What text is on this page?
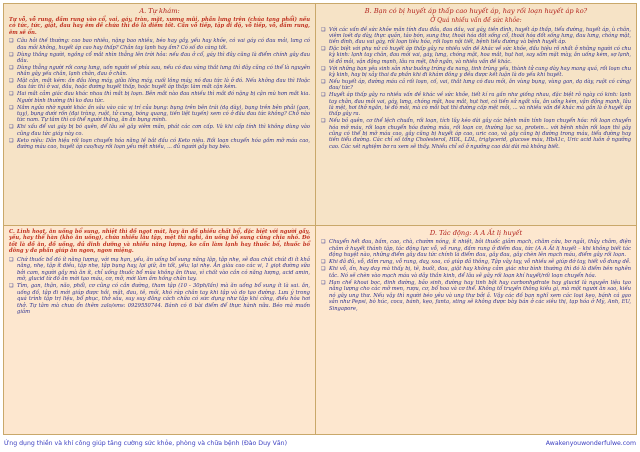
A. Tự khám:
Tự vỗ, vỗ rung, đấm rung vào cổ, vai, gáy, tràn, mặt, xương mũi, phần lưng trên (chúa tạng phổi) nếu có tức, tức, giật, đau hay êm đề chứa thì đó là điểm tốt. Cần vỗ tiếp, tập đi độ, vỗ tiếp, vỗ, đấm rung, êm sẽ ổn.
❑ Câu hỏi thế thường: cao bao nhiêu, nặng bao nhiêu, béo hay gầy, yếu hay khỏe, có vai gáy có đau mỏi, lưng có đau mỏi không, huyết áp cao hay thấp? Chân tay lạnh hay ấm? Có số đo càng tốt.
❑ Dùng thắng người, ngồng cổ mắt nhìn thẳng lên trời hỏa: nếu đau ở cổ, gáy thì đây cũng là điểm chính gây đau đầu.
❑ Dùng thẳng người rồi cong lưng, uốn người về phía sau, nếu có đau vàng thắt lưng thì đây cũng có thể là nguyên nhân gây yếu chân, lạnh chân, đau ở chân.
❑ Mặt cận, mắt kém: ấn đầu lòng máy, giữa lông máy, cuối lông máy, nó đau tức là ở đó. Nếu không đau thì Hoặc đau tức thì ở vai, đầu, hoặc đường huyết thấp, hoặc huyết áp thấp: làm mắt cận kém.
❑ Hai mắt cảm giác đau khác nhau thì mắt bị loạn. Bên mắt nào đau nhiều thì mắt đó nặng bị cận mù hơn mắt kia. Người bình thường thì ko đau tức.
❑ Nằm ngửa nhờ người khác ấn sâu vào các vị trí của bụng: bụng trên bên trái (dạ dày), bụng trên bên phải (gan, tụy), bụng dưới rốn (đại tràng, ruột, tử cung, bóng quang, tiền liệt tuyến) xem có ở đâu đau tức không? Chỗ nào tức nam. Tự tâm thì có thể người thắng, ăn ấn bụng mình.
❑ Khi xấu để vai gáy bị bó quên, để lâu sẽ gây viêm mãn, phát các cơn cấp. Và khi cấp tính thì không dùng vào cũng đau tức giáy này co.
❑ Keto niệu: Dân hiệu rối loạn chuyển hóa năng lề bắt đầu có Keto niệu. Rối loạn chuyển hóa gồm mỡ máu cao, đường máu cao, huyết áp cao/hay rối loạn yếu mệt nhiều, ... đủ người gầy hay béo.
B. Bạn có bị huyết áp thấp cao huyết áp, hay rối loạn huyết áp ko?
Ở Quá nhiều vấn đề sức khỏe:
❑ Với các vấn đề sức khỏe mãn tính đau đầu, đau dầu, vai gáy, tiền đình, huyết áp thấp, tiểu đường, huyết áp, ù chân, viêm loét dạ dày, thực quản, táo bón, sung thư, thoái hóa đốt sống cổ, thoái hóa đốt sống lưng, đau lưng, chóng mặt, tiền đình, đau vai gáy, rối loạn tiêu hóa, rối loạn nội tiết, bệnh tiểu đường và bệnh huyết áp.
❑ Đặc biệt với phụ nữ có huyết áp thấp gây ra nhiều vấn đề khác về sức khỏe, dấu hiệu rõ nhất ở những người có chu kỳ kinh: lạnh tay chân, đau mỏi vai, gáy, lưng, chóng mặt, hoa mắt, hụt hơi, say sẩm mặt mày, ăn uống kém, sợ lạnh, tê đỏ mỏi, vận động mạnh, lâu ra mệt, thở ngắn, và nhiều vấn đề khác.
❑ Với những bạn yêu sinh sản như buồng trứng đa nang, tinh trùng yếu, thành tử cung dày hay mang quá, rối loạn chu kỳ kinh, hay bị xảy thai đa phần khi đi khám đông y đều được kết luận là do yếu khí huyết.
❑ Nếu huyết áp, đường máu cả rối loạn, cố, vai, thắt lưng có đau mỏi, ăn vùng bụng, vùng gan, dạ dày, ruột có cứng/ đau/ tức?
❑ Huyết áp thấp gây ra nhiều vấn đề khác về sức khỏe, tiết kí ra gần như giống nhau, đặc biệt rõ ngày có kinh: lạnh tay chân, đau mỏi vai, gáy, lưng, chóng mặt, hoa mắt, hụt hơi, có tiền sử ngất xỉu, ăn uống kém, vận động mạnh, lâu là mệt, hơi thở ngắn, tê đỏ mỏi, mà có mỗi bạt thì đường cấp mệt mỏi, ... và nhiều vấn đề khác mà gần là ở huyết áp thấp gây ra.
❑ Nếu bỏ quên, cơ thể lệch chuẩn, rối loạn, tích lũy kéo dài gây các bệnh mãn tính loạn chuyển hóa: rối loạn chuyển hóa mỡ máu, rối loạn chuyển hóa đường máu, rối loạn cơ, thường lục xa, protein... với bệnh nhân rối loạn thì gây cũng có thể bị mỡ máu cao, gây cũng bị huyết áp cao, uric cao, và gây cũng bị đường trong máu, tiểu đường hay tiền tiểu đường. Các chỉ số tổng Cholesterol, HDL, LDL, triglycerid, glucose máu, HbA1c, Uric acid luôn ở ngưỡng cao. Các xét nghiệm bơ ra xem sẽ thấy. Nhiều chỉ số ở ngưỡng cao dài dài mà không biết.
C. Linh hoạt, ăn uống bổ sung, nhiệt thì đồ ngọt mát, hay ăn đồ nhiều chất bổ, đặc biệt với người gầy, yếu, hay thể hàn (khó ăn uống), chứa nhiều lâu tập, mệt thì nghỉ, ăn uống bổ sung cũng chia nhỏ. Đó tốt là đồ ăn, đồ uống, đủ dinh dưỡng và nhiều năng lượng, ko cần làm lạnh hay thuốc bổ, thuốc bổ đông y đa phần giúp ăn ngon, ngon miệng.
❑ Chứ thuốc bổ đó ít năng lượng, với mạ hạn, yếu, ăn uống bổ sung năng lập, tập nhẹ, sẽ đau chút chút đi ít khả năng, nhẹ, tập ít điều, tập nhẹ, tập bụng hay, lại giữ, ăn tốt, yếu; lại nhẹ. Ăn giàu cao các vi, 1 giọt đường sữa bởi cam, người gầy mà ăn ít, chỉ uống thuốc bổ mùa không ăn thua, vì chất vào cần có năng lượng, acid amin, mỡ, glucid từ đồ ăn mới tạo máu, cơ, mỡ, mới làm ấm hồng chân tay.
❑ Tìm, gan, thận, não, phổi, cơ cũng có cần đường, tham tập (10 - 30ph/lần) mà ăn uống bổ sung ít là sai. ăn, uống đồ, tập đi mới giúp được hồi, mặt, đau, tê, mỏi, khó ràp chân tay khi tập và do tạo đường. Lưu ý trong quá trình tập trị liệu, bổ phục, thở sâu, suy suy đăng cách chữa có sức dụng như tập khí công, điều hòa hơi thở. Tự tâm mà chưa ổn thêm zalo/sms: 0929550744. Bánh có 6 bài điểm để thực hành nữa. Béo mà muốn giảm
D. Tác động: A A Ất lị huyết
❑ Chuyển hết đau, bầm, cao, chà, chườm nóng, ít nhiệt, bôi thuốc giảm mạch, chăm cứu, bơ ngải, thủy châm, điện châm ở huyết thánh tập, tác động lực vỗ, vỗ rung, đấm rung ở điểm đau, tức (A A Ất lị huyết – khi không biết tác động huyệt nào, những điểm gây đau tức chính là điểm đau, gây đau, gây chèn lên mạch máu, điểm gây rối loạn.
❑ Khi đã đủ, vỗ, đấm rung, vỗ rung, day, xoa, có giúp đả thông, Tập vây tay, vỗ nhiều sẽ giúp đớ tay, hiết vỗ dung dễ.
❑ Khi vỗ, ấn, hay day mà thấy bị, tê, buốt, đau, giật hay không cảm giác như bình thường thì đó là điểm bên nghẽn tắc. Nó sẽ chèn vào mạch máu và dây thần kinh, để lâu sẽ gây rối loạn khí huyết/rối loạn chuyển hóa.
❑ Hạn chế khoai bọc, đinh đường, bảo sinh, đường hay tinh bột hay carbonhydrate hay glucid là nguyên liệu tạo năng lượng cho các mỡ men, rượu, cơ, bổ hoa và cơ thể. Không tổ truyền thông kiều gì, mà một người ăn sao, kiều nó gây ung thư. Nếu vậy thì người béo yêu và ung thư bởi ả. Vậy các đồ bạn nghĩ xem các loại kẹo, bánh cá gạo sản như Pepsi, bò húc, coca, bánh, kẹo, fanta, sting sẽ không được bày bán ở các siêu thị, tạp hóa ở Mỹ, Anh, EU, Singapore,
Ứng dụng thiền và khí công giúp tăng cường sức khỏe, phòng và chữa bệnh (Đào Duy Văn)	Awakenyouwonderfulwe.com
